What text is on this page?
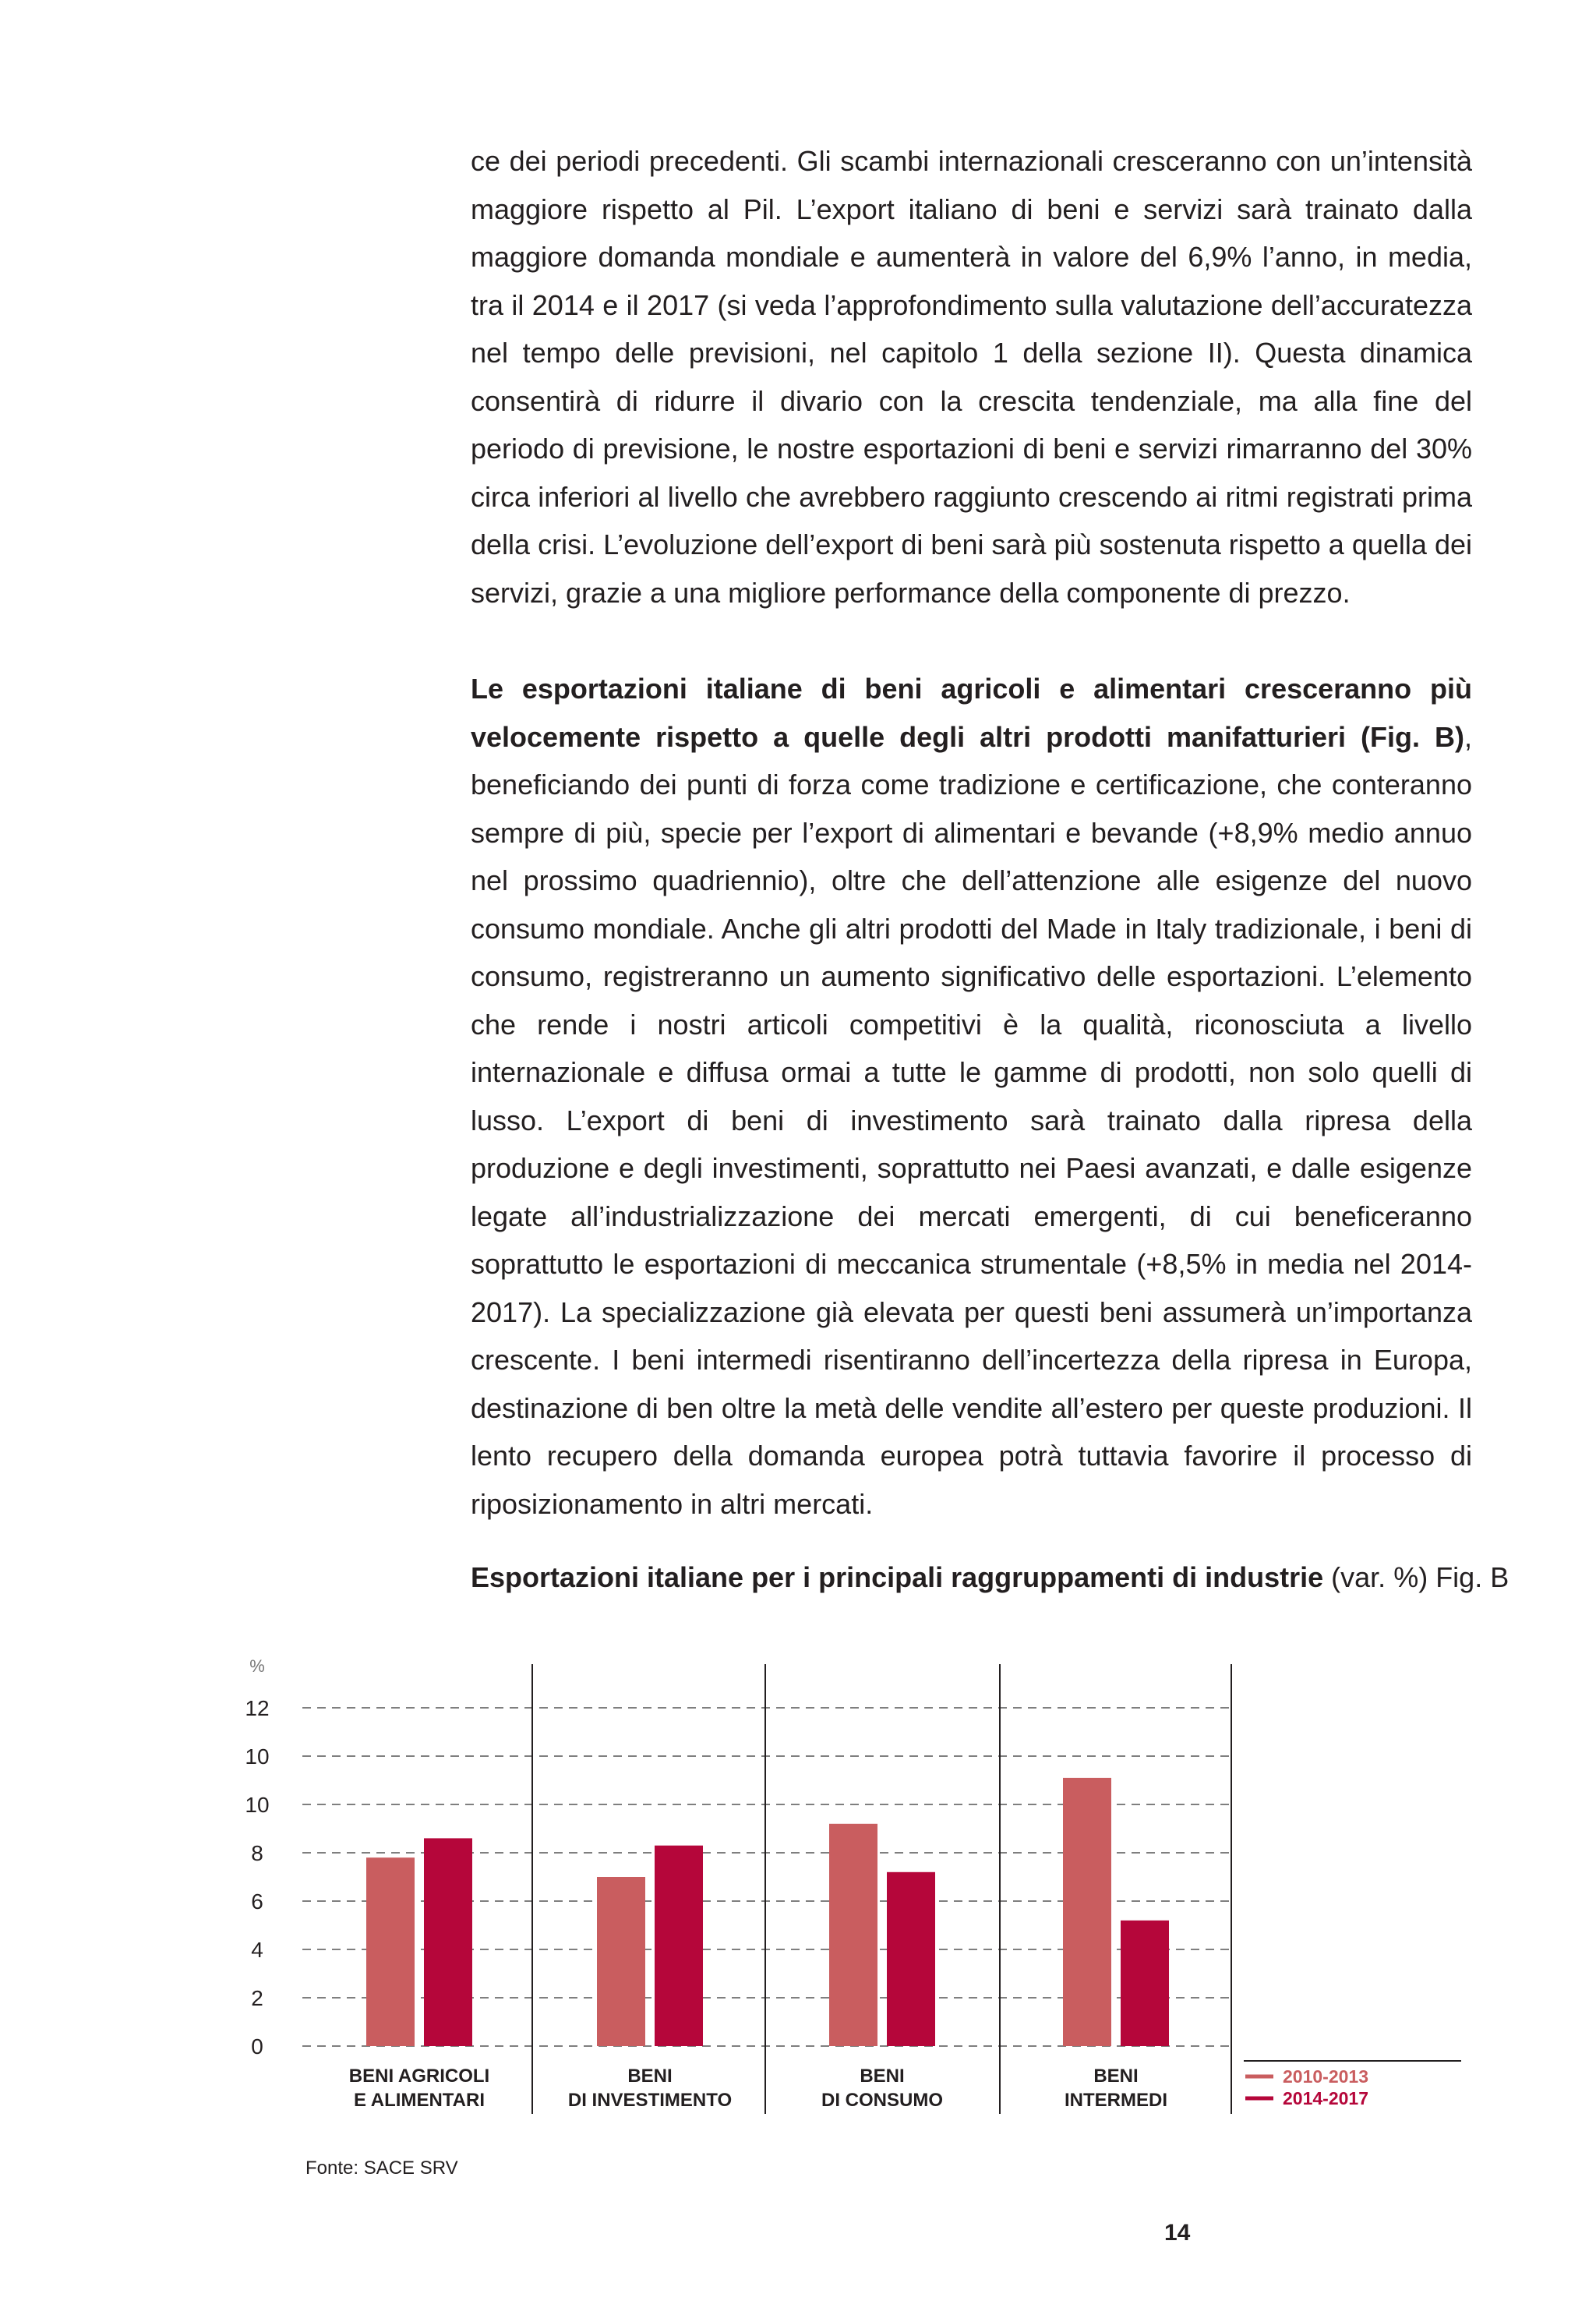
ce dei periodi precedenti. Gli scambi internazionali cresceranno con un’intensità maggiore rispetto al Pil. L’export italiano di beni e servizi sarà trainato dalla maggiore domanda mondiale e aumenterà in valore del 6,9% l’anno, in media, tra il 2014 e il 2017 (si veda l’approfondimento sulla valutazione dell’accuratezza nel tempo delle previsioni, nel capitolo 1 della sezione II). Questa dinamica consentirà di ridurre il divario con la crescita tendenziale, ma alla fine del periodo di previsione, le nostre esportazioni di beni e servizi rimarranno del 30% circa inferiori al livello che avrebbero raggiunto crescendo ai ritmi registrati prima della crisi. L’evoluzione dell’export di beni sarà più sostenuta rispetto a quella dei servizi, grazie a una migliore performance della componente di prezzo.

Le esportazioni italiane di beni agricoli e alimentari cresceranno più velocemente rispetto a quelle degli altri prodotti manifatturieri (Fig. B), beneficiando dei punti di forza come tradizione e certificazione, che conteranno sempre di più, specie per l’export di alimentari e bevande (+8,9% medio annuo nel prossimo quadriennio), oltre che dell’attenzione alle esigenze del nuovo consumo mondiale. Anche gli altri prodotti del Made in Italy tradizionale, i beni di consumo, registreranno un aumento significativo delle esportazioni. L’elemento che rende i nostri articoli competitivi è la qualità, riconosciuta a livello internazionale e diffusa ormai a tutte le gamme di prodotti, non solo quelli di lusso. L’export di beni di investimento sarà trainato dalla ripresa della produzione e degli investimenti, soprattutto nei Paesi avanzati, e dalle esigenze legate all’industrializzazione dei mercati emergenti, di cui beneficeranno soprattutto le esportazioni di meccanica strumentale (+8,5% in media nel 2014-2017). La specializzazione già elevata per questi beni assumerà un’importanza crescente. I beni intermedi risentiranno dell’incertezza della ripresa in Europa, destinazione di ben oltre la metà delle vendite all’estero per queste produzioni. Il lento recupero della domanda europea potrà tuttavia favorire il processo di riposizionamento in altri mercati.

Esportazioni italiane per i principali raggruppamenti di industrie (var. %) Fig. B
%
0
2
4
6
8
10
10
12
BENI AGRICOLI
E ALIMENTARI
BENI
DI INVESTIMENTO
BENI
DI CONSUMO
BENI
INTERMEDI
2010-2013
2014-2017
Fonte: SACE SRV
14
